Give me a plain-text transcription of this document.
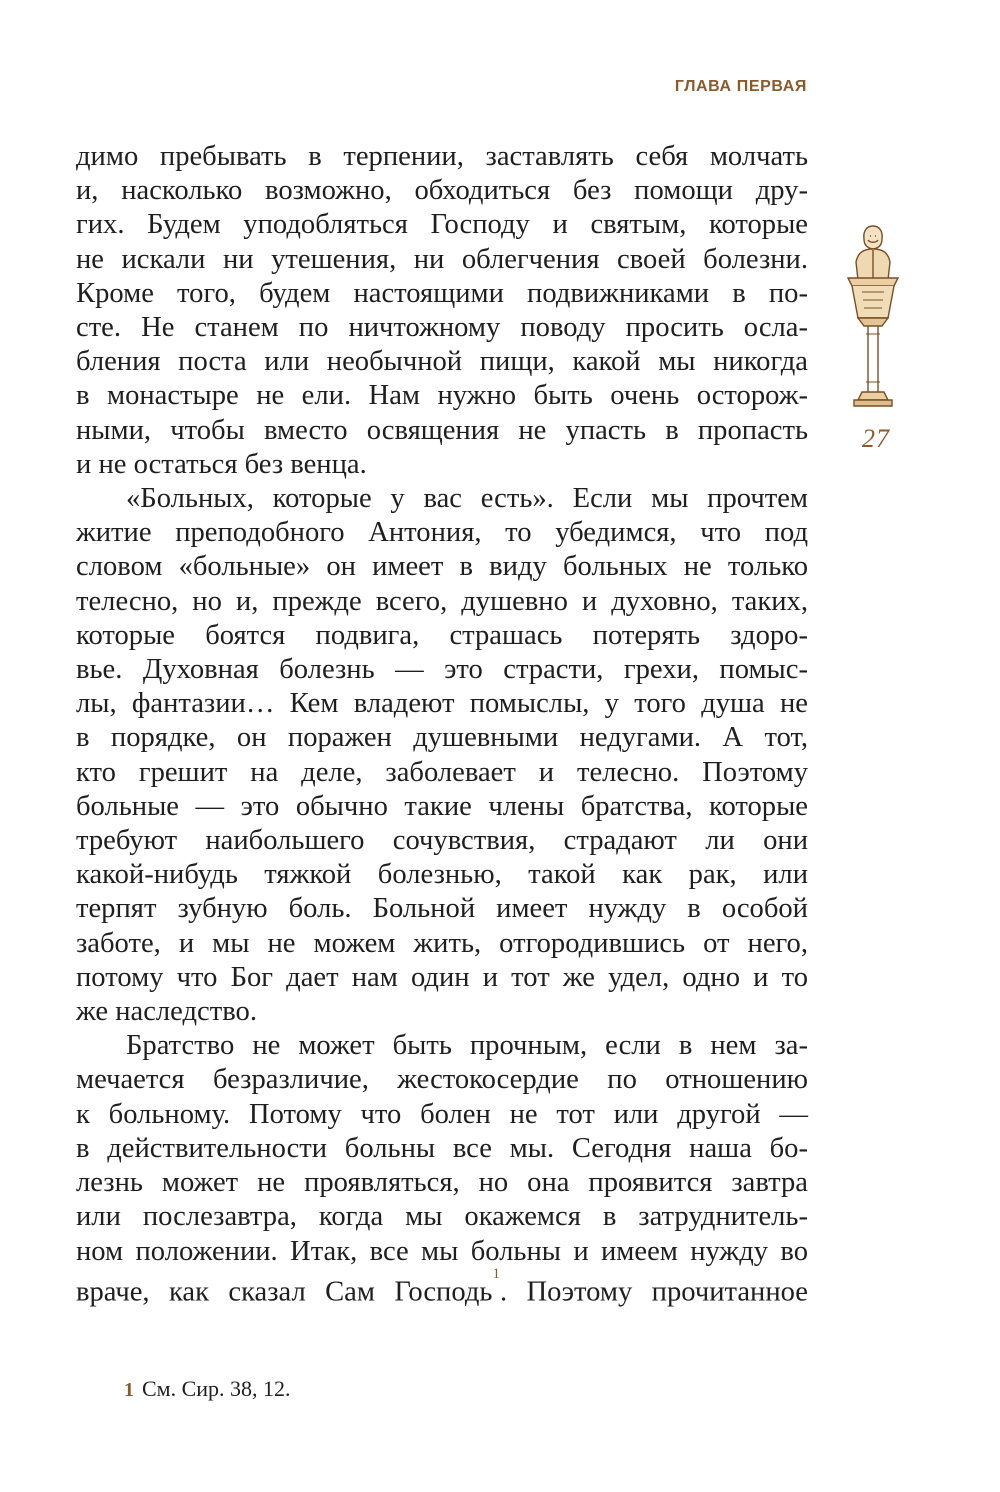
ГЛАВА ПЕРВАЯ
27
димо пребывать в терпении, заставлять себя молчать
и, насколько возможно, обходиться без помощи дру-
гих. Будем уподобляться Господу и святым, которые
не искали ни утешения, ни облегчения своей болезни.
Кроме того, будем настоящими подвижниками в по-
сте. Не станем по ничтожному поводу просить осла-
бления поста или необычной пищи, какой мы никогда
в монастыре не ели. Нам нужно быть очень осторож-
ными, чтобы вместо освящения не упасть в пропасть
и не остаться без венца.
«Больных, которые у вас есть». Если мы прочтем
житие преподобного Антония, то убедимся, что под
словом «больные» он имеет в виду больных не только
телесно, но и, прежде всего, душевно и духовно, таких,
которые боятся подвига, страшась потерять здоро-
вье. Духовная болезнь — это страсти, грехи, помыс-
лы, фантазии… Кем владеют помыслы, у того душа не
в порядке, он поражен душевными недугами. А тот,
кто грешит на деле, заболевает и телесно. Поэтому
больные — это обычно такие члены братства, которые
требуют наибольшего сочувствия, страдают ли они
какой-нибудь тяжкой болезнью, такой как рак, или
терпят зубную боль. Больной имеет нужду в особой
заботе, и мы не можем жить, отгородившись от него,
потому что Бог дает нам один и тот же удел, одно и то
же наследство.
Братство не может быть прочным, если в нем за-
мечается безразличие, жестокосердие по отношению
к больному. Потому что болен не тот или другой —
в действительности больны все мы. Сегодня наша бо-
лезнь может не проявляться, но она проявится завтра
или послезавтра, когда мы окажемся в затруднитель-
ном положении. Итак, все мы больны и имеем нужду во
враче, как сказал Сам Господь$^1$. Поэтому прочитанное
1 См. Сир. 38, 12.
